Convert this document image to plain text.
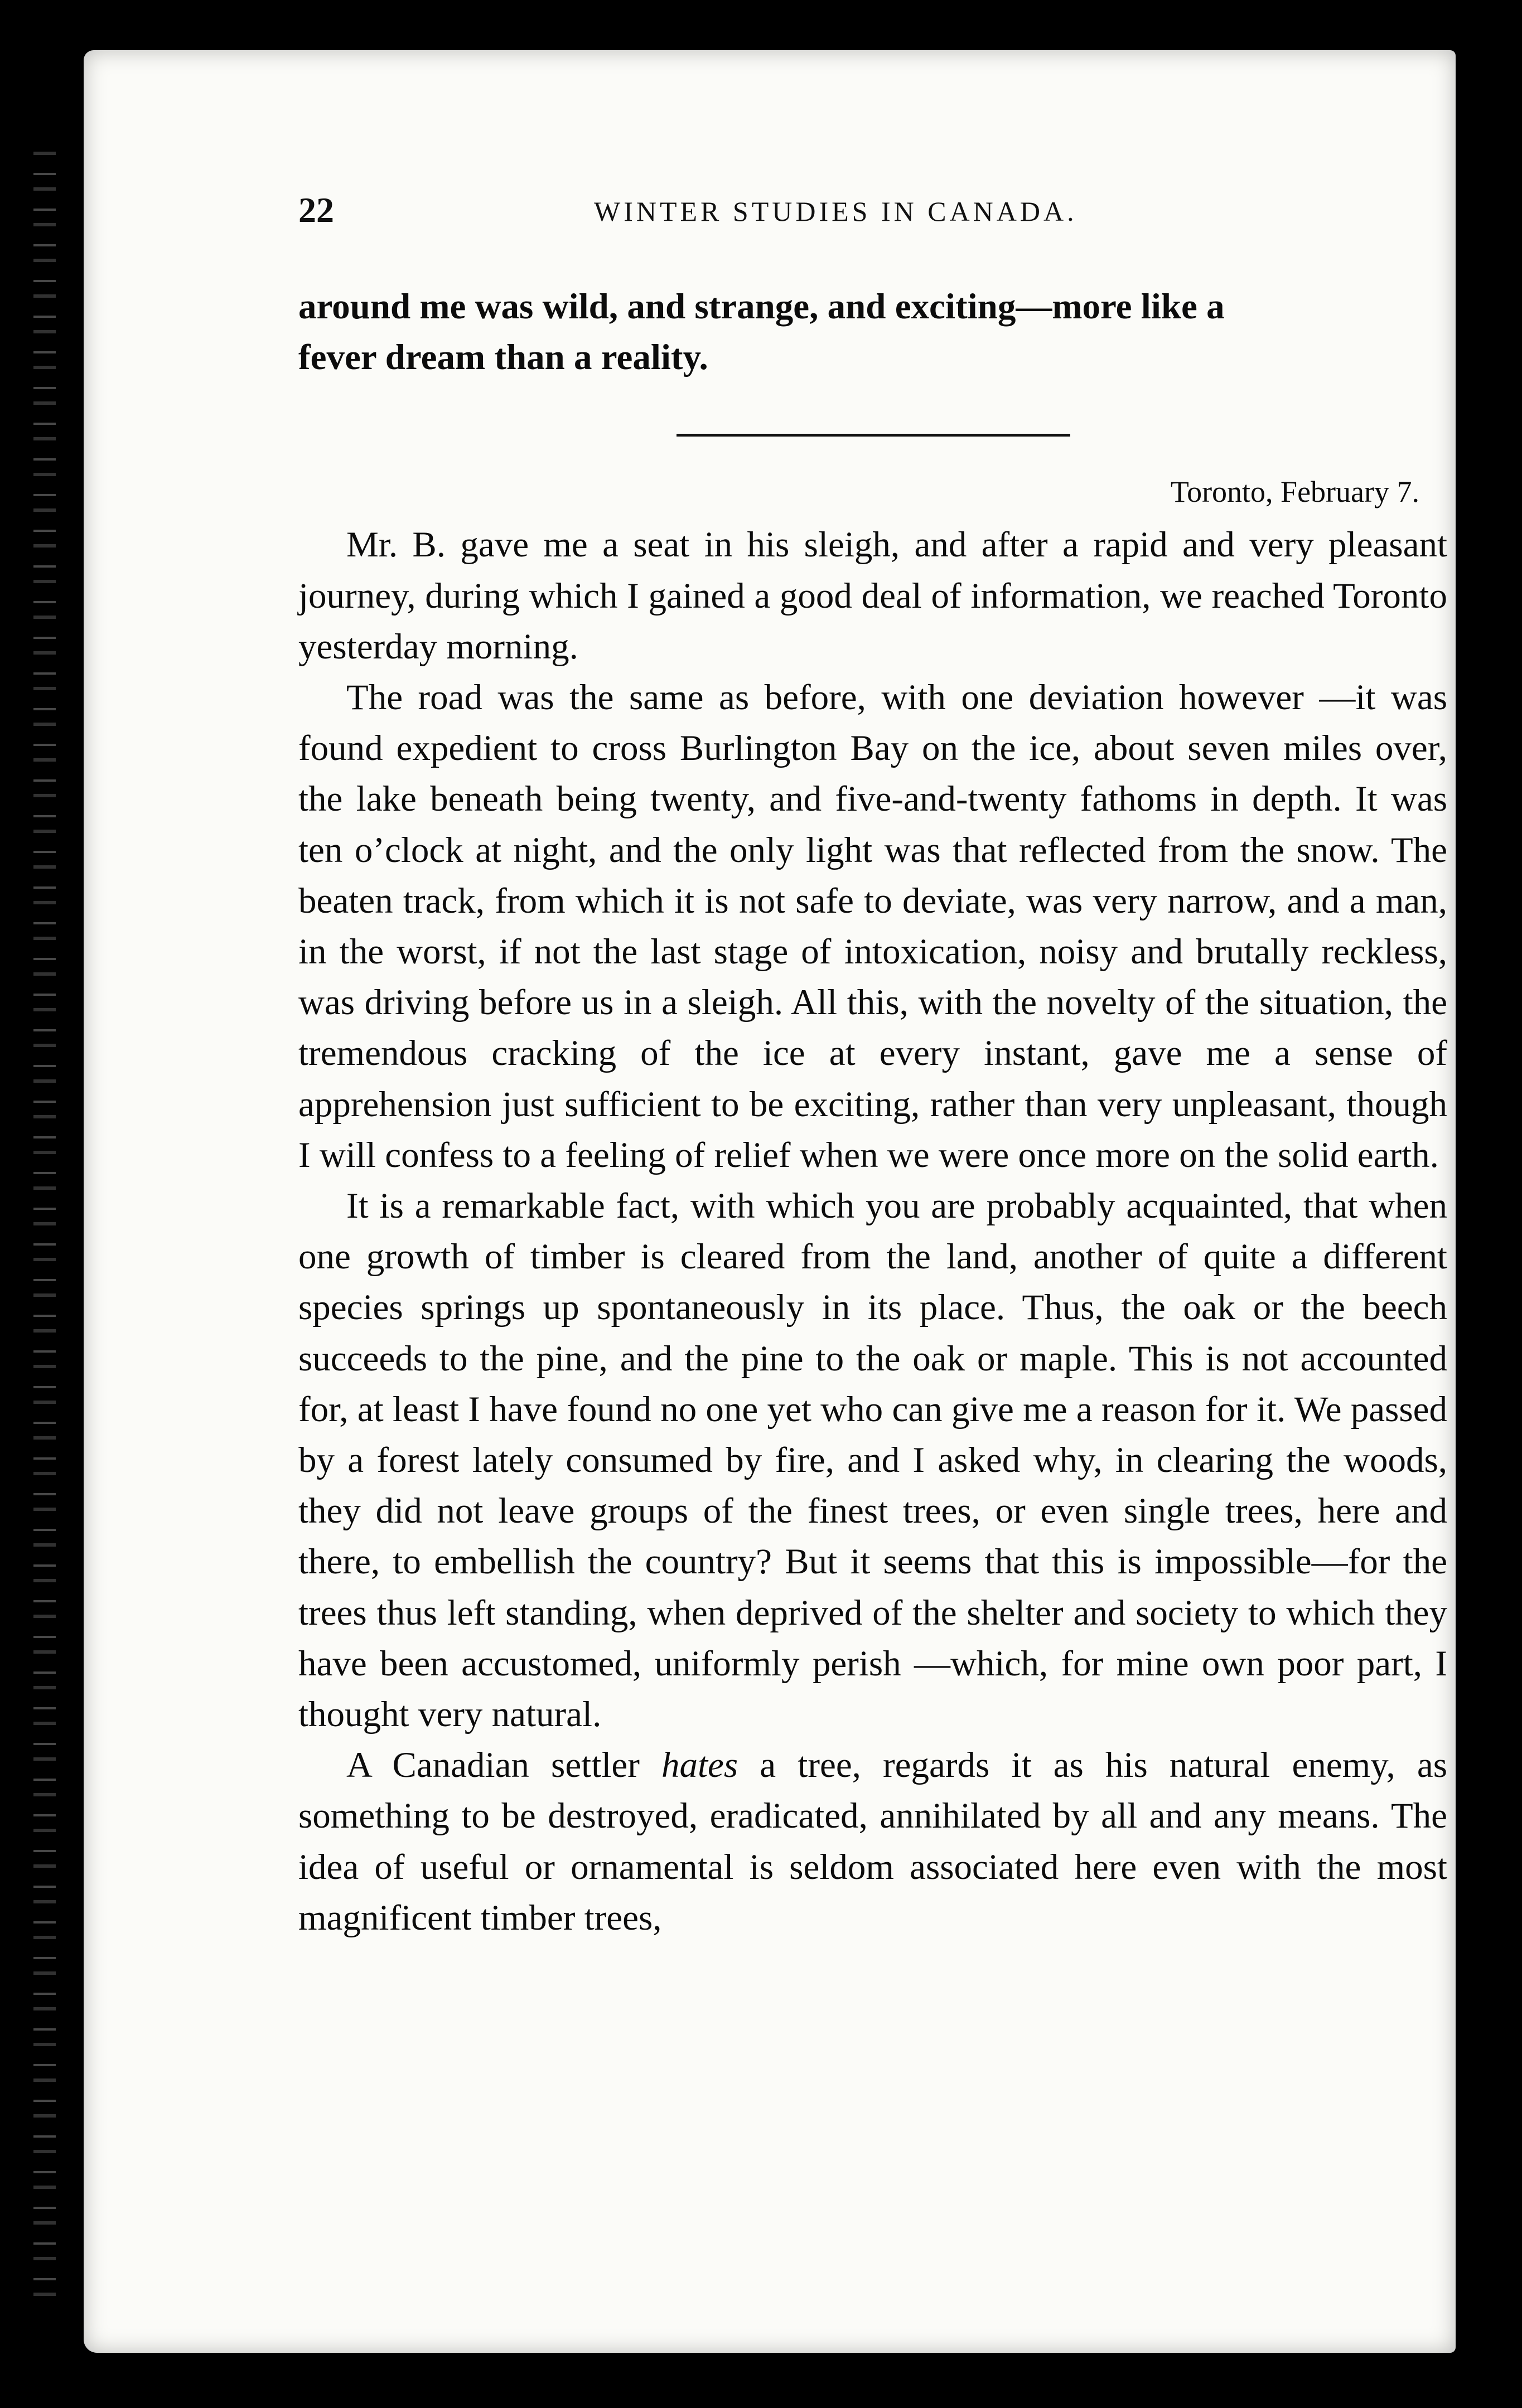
22	WINTER STUDIES IN CANADA.

around me was wild, and strange, and exciting—more like a

fever dream than a reality.

Toronto, February 7.

Mr. B. gave me a seat in his sleigh, and after a rapid and very pleasant journey, during which I gained a good deal of information, we reached Toronto yesterday morning.

The road was the same as before, with one deviation however —it was found expedient to cross Burlington Bay on the ice, about seven miles over, the lake beneath being twenty, and five-and-twenty fathoms in depth. It was ten o’clock at night, and the only light was that reflected from the snow. The beaten track, from which it is not safe to deviate, was very narrow, and a man, in the worst, if not the last stage of intoxication, noisy and brutally reckless, was driving before us in a sleigh. All this, with the novelty of the situation, the tremendous cracking of the ice at every instant, gave me a sense of apprehension just sufficient to be exciting, rather than very unpleasant, though I will confess to a feeling of relief when we were once more on the solid earth.

It is a remarkable fact, with which you are probably acquainted, that when one growth of timber is cleared from the land, another of quite a different species springs up spontaneously in its place. Thus, the oak or the beech succeeds to the pine, and the pine to the oak or maple. This is not accounted for, at least I have found no one yet who can give me a reason for it. We passed by a forest lately consumed by fire, and I asked why, in clearing the woods, they did not leave groups of the finest trees, or even single trees, here and there, to embellish the country? But it seems that this is impossible—for the trees thus left standing, when deprived of the shelter and society to which they have been accustomed, uniformly perish —which, for mine own poor part, I thought very natural.

A Canadian settler hates a tree, regards it as his natural enemy, as something to be destroyed, eradicated, annihilated by all and any means. The idea of useful or ornamental is seldom associated here even with the most magnificent timber trees,
